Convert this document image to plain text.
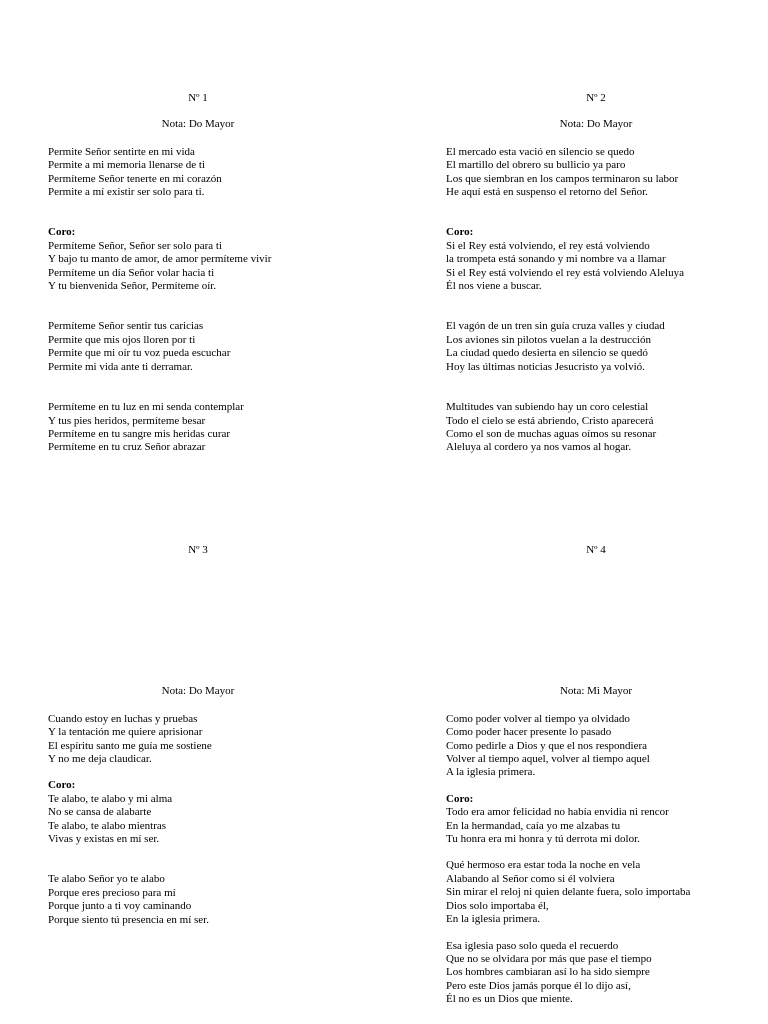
Nº 1
Nota: Do Mayor
Permite Señor sentirte en mi vida
Permite a mi memoria llenarse de ti
Permíteme Señor tenerte en mi corazón
Permite a mí existir ser solo para ti.
Coro:
Permíteme Señor, Señor ser solo para ti
Y bajo tu manto de amor, de amor permíteme vivir
Permíteme un día Señor volar hacia ti
Y tu bienvenida Señor, Permíteme oír.
Permíteme Señor sentir tus caricias
Permite que mis ojos lloren por ti
Permite que mi oír tu voz pueda escuchar
Permite mi vida ante ti derramar.
Permíteme en tu luz en mi senda contemplar
Y tus pies heridos, permíteme besar
Permíteme en tu sangre mis heridas curar
Permíteme en tu cruz Señor abrazar
Nº 2
Nota: Do Mayor
El mercado esta vació en silencio se quedo
El martillo del obrero su bullicio ya paro
Los que siembran en los campos terminaron su labor
He aquí está en suspenso el retorno del Señor.
Coro:
Si el Rey está volviendo, el rey está volviendo
la trompeta está sonando y mi nombre va a llamar
Si el Rey está volviendo el rey está volviendo Aleluya
Él nos viene a buscar.
El vagón de un tren sin guía cruza valles y ciudad
Los aviones sin pilotos vuelan a la destrucción
La ciudad quedo desierta en silencio se quedó
Hoy las últimas noticias Jesucristo ya volvió.
Multitudes van subiendo hay un coro celestial
Todo el cielo se está abriendo, Cristo aparecerá
Como el son de muchas aguas oímos su resonar
Aleluya al cordero ya nos vamos al hogar.
Nº 3
Nota: Do Mayor
Cuando estoy en luchas y pruebas
Y la tentación me quiere aprisionar
El espíritu santo me guía me sostiene
Y no me deja claudicar.
Coro:
Te alabo, te alabo y mi alma
No se cansa de alabarte
Te alabo, te alabo mientras
Vivas y existas en mí ser.
Te alabo Señor yo te alabo
Porque eres precioso para mí
Porque junto a ti voy caminando
Porque siento tú presencia en mí ser.
Nº 4
Nota: Mi Mayor
Como poder volver al tiempo ya olvidado
Como poder hacer presente lo pasado
Como pedirle a Dios y que el nos respondiera
Volver al tiempo aquel, volver al tiempo aquel
A la iglesia primera.
Coro:
Todo era amor felicidad no había envidia ni rencor
En la hermandad, caía yo me alzabas tu
Tu honra era mi honra y tú derrota mi dolor.
Qué hermoso era estar toda la noche en vela
Alabando al Señor como si él volviera
Sin mirar el reloj ni quien delante fuera, solo importaba
Dios solo importaba él,
En la iglesia primera.
Esa iglesia paso solo queda el recuerdo
Que no se olvidara por más que pase el tiempo
Los hombres cambiaran así lo ha sido siempre
Pero este Dios jamás porque él lo dijo así,
Él no es un Dios que miente.
